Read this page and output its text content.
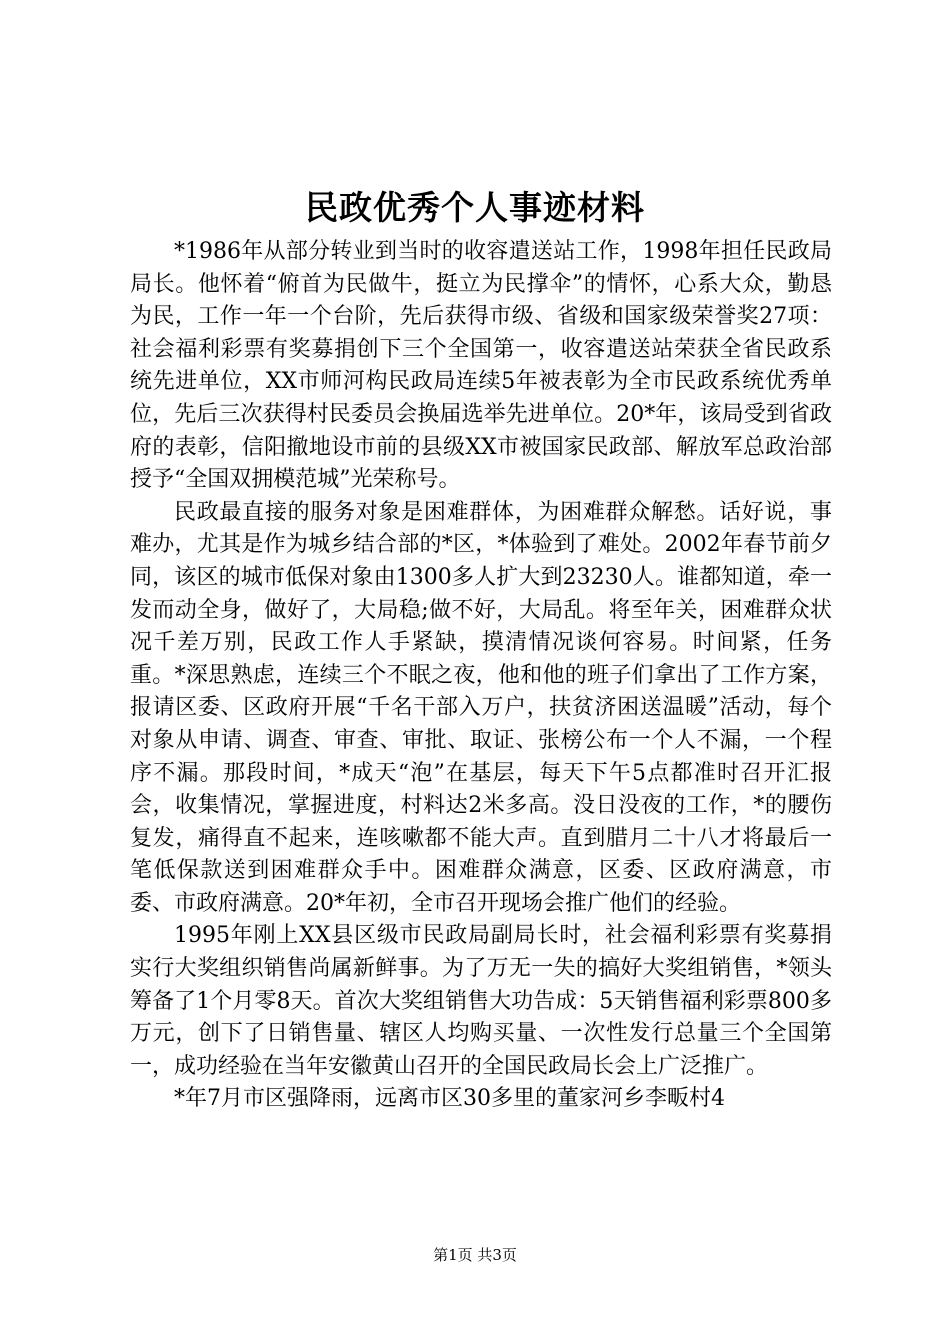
民政优秀个人事迹材料

*1986年从部分转业到当时的收容遣送站工作，1998年担任民政局局长。他怀着“俯首为民做牛，挺立为民撑伞”的情怀，心系大众，勤恳为民，工作一年一个台阶，先后获得市级、省级和国家级荣誉奖27项：社会福利彩票有奖募捐创下三个全国第一，收容遣送站荣获全省民政系统先进单位，XX市师河构民政局连续5年被表彰为全市民政系统优秀单位，先后三次获得村民委员会换届选举先进单位。20*年，该局受到省政府的表彰，信阳撤地设市前的县级XX市被国家民政部、解放军总政治部授予“全国双拥模范城”光荣称号。

民政最直接的服务对象是困难群体，为困难群众解愁。话好说，事难办，尤其是作为城乡结合部的*区，*体验到了难处。2002年春节前夕同，该区的城市低保对象由1300多人扩大到23230人。谁都知道，牵一发而动全身，做好了，大局稳;做不好，大局乱。将至年关，困难群众状况千差万别，民政工作人手紧缺，摸清情况谈何容易。时间紧，任务重。*深思熟虑，连续三个不眠之夜，他和他的班子们拿出了工作方案，报请区委、区政府开展“千名干部入万户，扶贫济困送温暖”活动，每个对象从申请、调查、审查、审批、取证、张榜公布一个人不漏，一个程序不漏。那段时间，*成天“泡”在基层，每天下午5点都准时召开汇报会，收集情况，掌握进度，村料达2米多高。没日没夜的工作，*的腰伤复发，痛得直不起来，连咳嗽都不能大声。直到腊月二十八才将最后一笔低保款送到困难群众手中。困难群众满意，区委、区政府满意，市委、市政府满意。20*年初，全市召开现场会推广他们的经验。

1995年刚上XX县区级市民政局副局长时，社会福利彩票有奖募捐实行大奖组织销售尚属新鲜事。为了万无一失的搞好大奖组销售，*领头筹备了1个月零8天。首次大奖组销售大功告成：5天销售福利彩票800多万元，创下了日销售量、辖区人均购买量、一次性发行总量三个全国第一，成功经验在当年安徽黄山召开的全国民政局长会上广泛推广。

*年7月市区强降雨，远离市区30多里的董家河乡李畈村4

第1页 共3页
